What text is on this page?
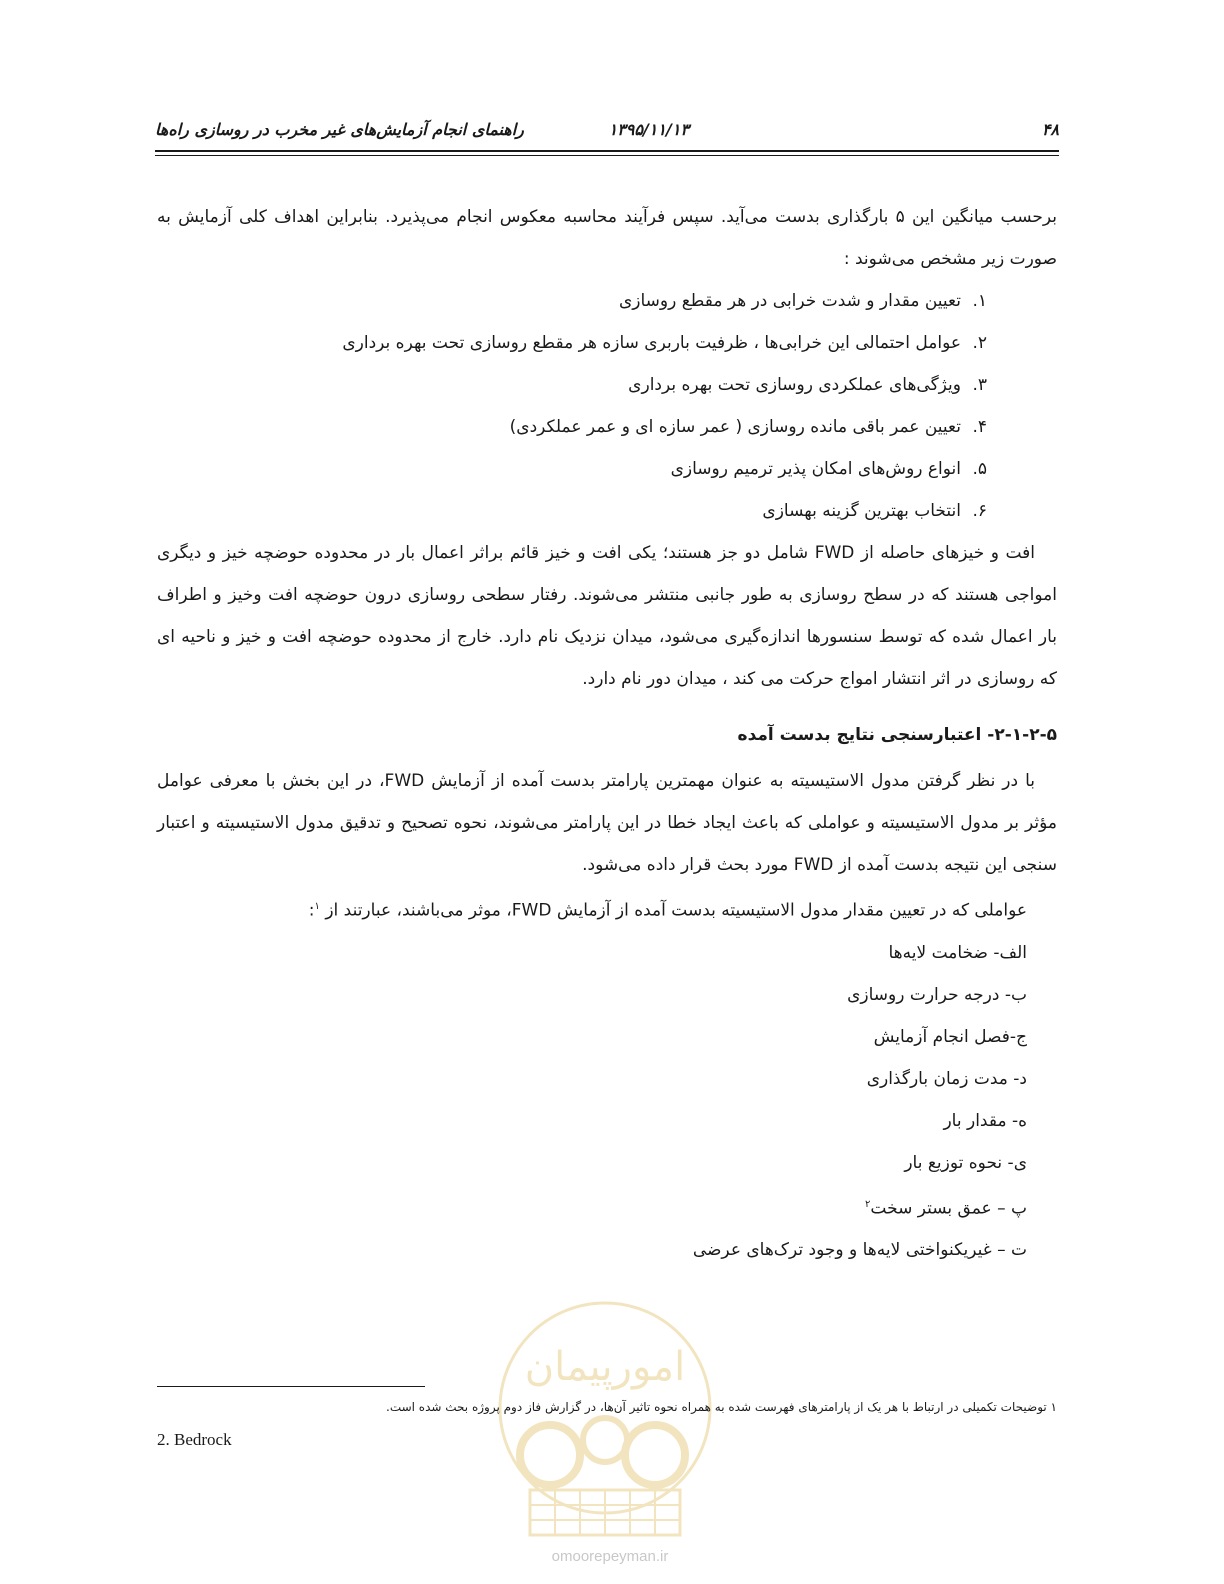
۴۸
۱۳۹۵/۱۱/۱۳
راهنمای انجام آزمایش‌های غیر مخرب در روسازی راه‌ها

برحسب میانگین این ۵ بارگذاری بدست می‌آید. سپس فرآیند محاسبه معکوس انجام می‌پذیرد. بنابراین اهداف کلی آزمایش به صورت زیر مشخص می‌شوند :

۱.تعیین مقدار و شدت خرابی در هر مقطع روسازی
۲.عوامل احتمالی این خرابی‌ها ، ظرفیت باربری سازه هر مقطع روسازی تحت بهره برداری
۳.ویژگی‌های عملکردی روسازی تحت بهره برداری
۴.تعیین عمر باقی مانده روسازی ( عمر سازه ای و عمر عملکردی)
۵.انواع روش‌های امکان پذیر ترمیم روسازی
۶.انتخاب بهترین گزینه بهسازی

افت و خیزهای حاصله از FWD شامل دو جز هستند؛ یکی افت و خیز قائم براثر اعمال بار در محدوده حوضچه خیز و دیگری امواجی هستند که در سطح روسازی به طور جانبی منتشر می‌شوند. رفتار سطحی روسازی درون حوضچه افت وخیز و اطراف بار اعمال شده که توسط سنسورها اندازه‌گیری می‌شود، میدان نزدیک نام دارد. خارج از محدوده حوضچه افت و خیز و ناحیه ای که روسازی در اثر انتشار امواج حرکت می کند ، میدان دور نام دارد.

۲-۱-۲-۵- اعتبارسنجی نتایج بدست آمده

با در نظر گرفتن مدول الاستیسیته به عنوان مهمترین پارامتر بدست آمده از آزمایش FWD، در این بخش با معرفی عوامل مؤثر بر مدول الاستیسیته و عواملی که باعث ایجاد خطا در این پارامتر می‌شوند، نحوه تصحیح و تدقیق مدول الاستیسیته و اعتبار سنجی این نتیجه بدست آمده از FWD مورد بحث قرار داده می‌شود.

عواملی که در تعیین مقدار مدول الاستیسیته بدست آمده از آزمایش FWD، موثر می‌باشند، عبارتند از $^۱$:
الف- ضخامت لایه‌ها
ب- درجه حرارت روسازی
ج-فصل انجام آزمایش
د- مدت زمان بارگذاری
ه- مقدار بار
ی- نحوه توزیع بار
پ – عمق بستر سخت$^۲$
ت – غیریکنواختی لایه‌ها و وجود ترک‌های عرضی
امورپیمان
۱ توضیحات تکمیلی در ارتباط با هر یک از پارامترهای فهرست شده به همراه نحوه تاثیر آن‌ها، در گزارش فاز دوم پروژه بحث شده است.
2. Bedrock
omoorepeyman.ir
